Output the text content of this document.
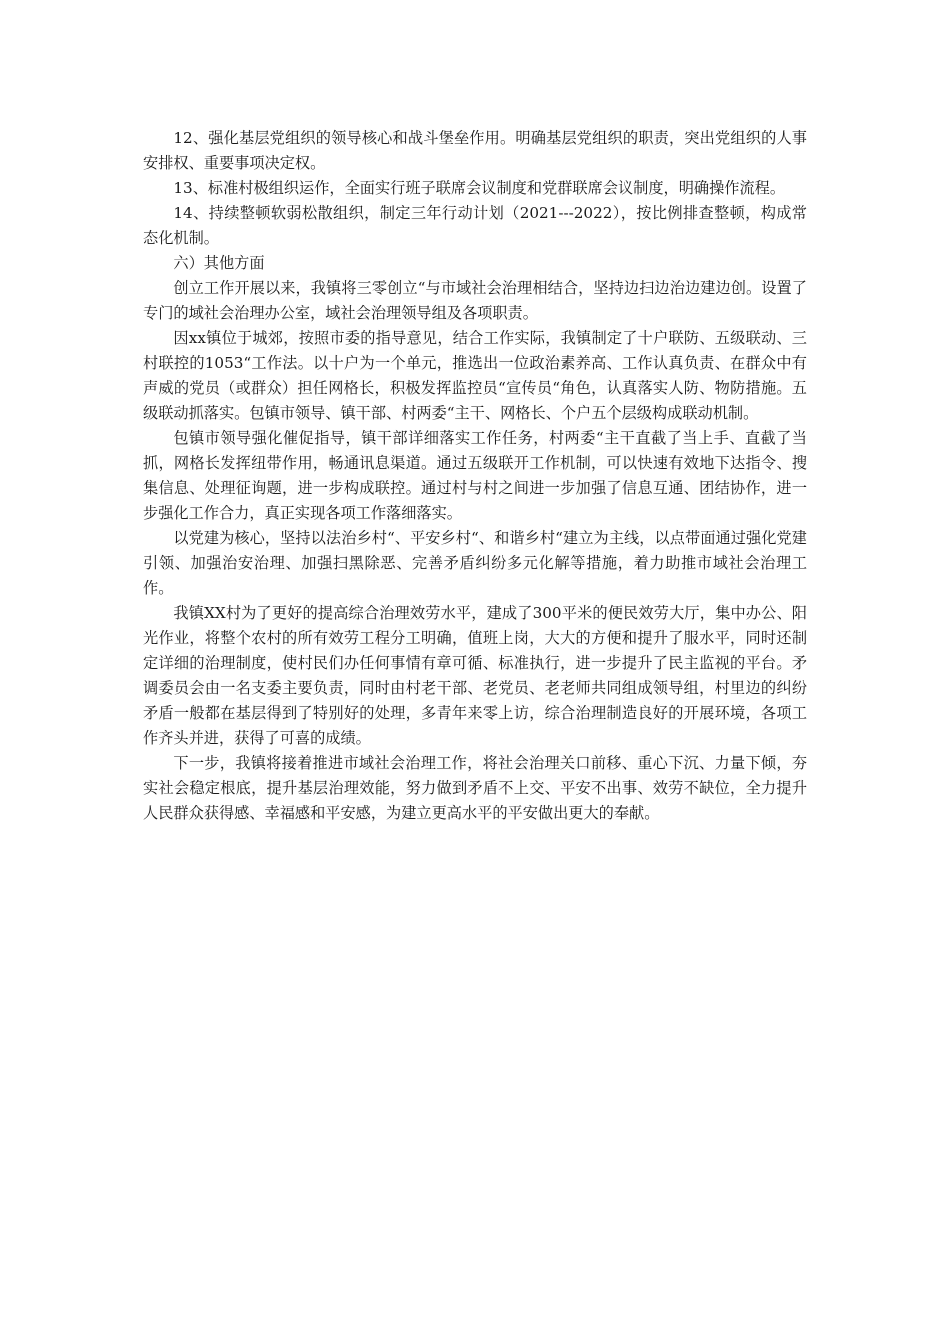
12、强化基层党组织的领导核心和战斗堡垒作用。明确基层党组织的职责，突出党组织的人事安排权、重要事项决定权。

13、标准村极组织运作，全面实行班子联席会议制度和党群联席会议制度，明确操作流程。

14、持续整顿软弱松散组织，制定三年行动计划（2021---2022），按比例排查整顿，构成常态化机制。

六）其他方面

创立工作开展以来，我镇将三零创立“与市域社会治理相结合，坚持边扫边治边建边创。设置了专门的域社会治理办公室，域社会治理领导组及各项职责。

因xx镇位于城郊，按照市委的指导意见，结合工作实际，我镇制定了十户联防、五级联动、三村联控的1053“工作法。以十户为一个单元，推选出一位政治素养高、工作认真负责、在群众中有声威的党员（或群众）担任网格长，积极发挥监控员“宣传员“角色，认真落实人防、物防措施。五级联动抓落实。包镇市领导、镇干部、村两委“主干、网格长、个户五个层级构成联动机制。

包镇市领导强化催促指导，镇干部详细落实工作任务，村两委“主干直截了当上手、直截了当抓，网格长发挥纽带作用，畅通讯息渠道。通过五级联开工作机制，可以快速有效地下达指令、搜集信息、处理征询题，进一步构成联控。通过村与村之间进一步加强了信息互通、团结协作，进一步强化工作合力，真正实现各项工作落细落实。

以党建为核心，坚持以法治乡村“、平安乡村“、和谐乡村“建立为主线，以点带面通过强化党建引领、加强治安治理、加强扫黑除恶、完善矛盾纠纷多元化解等措施，着力助推市域社会治理工作。

我镇XX村为了更好的提高综合治理效劳水平，建成了300平米的便民效劳大厅，集中办公、阳光作业，将整个农村的所有效劳工程分工明确，值班上岗，大大的方便和提升了服水平，同时还制定详细的治理制度，使村民们办任何事情有章可循、标准执行，进一步提升了民主监视的平台。矛调委员会由一名支委主要负责，同时由村老干部、老党员、老老师共同组成领导组，村里边的纠纷矛盾一般都在基层得到了特别好的处理，多青年来零上访，综合治理制造良好的开展环境，各项工作齐头并进，获得了可喜的成绩。

下一步，我镇将接着推进市域社会治理工作，将社会治理关口前移、重心下沉、力量下倾，夯实社会稳定根底，提升基层治理效能，努力做到矛盾不上交、平安不出事、效劳不缺位，全力提升人民群众获得感、幸福感和平安感，为建立更高水平的平安做出更大的奉献。
